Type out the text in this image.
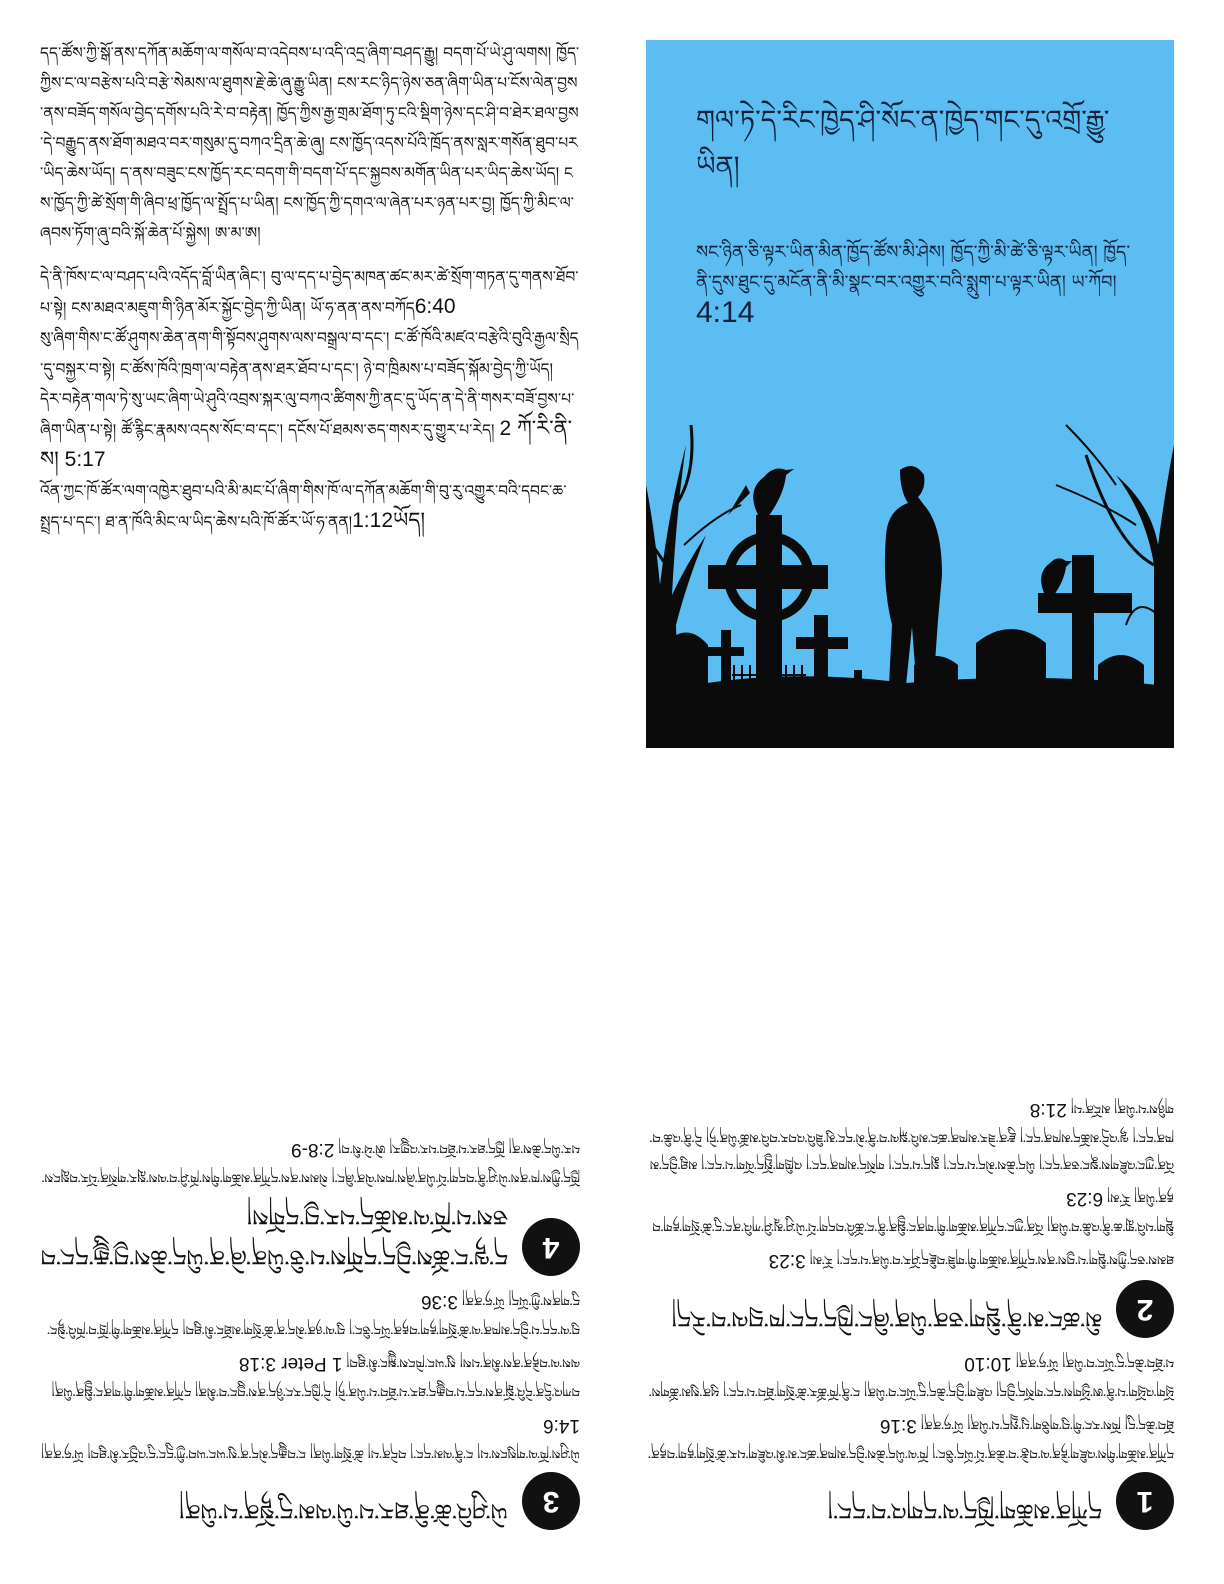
དད་ཚོས་ཀྱི་སྒོ་ནས་དཀོན་མཆོག་ལ་གསོལ་བ་འདེབས་པ་འདི་འདྲ་ཞིག་བཤད་རྒྱུ། བདག་པོ་ཡེ་ཤུ་ལགས། ཁྱོད་ཀྱིས་ང་ལ་བརྩེས་པའི་བརྩེ་སེམས་ལ་ཐུགས་རྗེ་ཆེ་ཞུ་རྒྱུ་ཡིན། ངས་རང་ཉིད་ཉེས་ཅན་ཞིག་ཡིན་པ་ངོས་ལེན་བྱས་ནས་བཟོད་གསོལ་བྱེད་དགོས་པའི་རེ་བ་བརྟེན། ཁྱོད་ཀྱིས་རྒྱ་གྲམ་ཐོག་ཏུ་ངའི་སྡིག་ཉེས་དང་ཤི་བ་ཐེར་ཐལ་བྱས་དེ་བརྒྱུད་ནས་ཐོག་མཐའ་བར་གསུམ་དུ་བཀའ་དྲིན་ཆེ་ཞུ། ངས་ཁྱོད་འདས་པོའི་ཁྲོད་ནས་སླར་གསོན་ཐུབ་པར་ཡིད་ཆེས་ཡོད། ད་ནས་བཟུང་ངས་ཁྱོད་རང་བདག་གི་བདག་པོ་དང་སྐྱབས་མགོན་ཡིན་པར་ཡིད་ཆེས་ཡོད། ངས་ཁྱོད་ཀྱི་ཚེ་སྲོག་གི་ཞིབ་ཕྲ་ཁྱོད་ལ་སྤྲོད་པ་ཡིན། ངས་ཁྱོད་ཀྱི་དགའ་ལ་ཞེན་པར་ཉན་པར་བྱ། ཁྱོད་ཀྱི་མིང་ལ་ཞབས་ཏོག་ཞུ་བའི་སྐོ་ཆེན་པོ་སྐྱེས། ཨ་མ་ཨ།

དེ་ནི་ཁོས་ང་ལ་བཤད་པའི་འདོད་བློ་ཡིན་ཞིང་། བུ་ལ་དད་པ་བྱེད་མཁན་ཚང་མར་ཚེ་སྲོག་གཏན་དུ་གནས་ཐོབ་པ་སྟེ། ངས་མཐའ་མཇུག་གི་ཉིན་མོར་སྐྱོང་བྱེད་ཀྱི་ཡིན། ཡོ་ཧ་ནན་ནས་བཀོད6:40

སུ་ཞིག་གིས་ང་ཚོ་ཤུགས་ཆེན་ནག་གི་སྟོབས་ཤུགས་ལས་བསྒྲལ་བ་དང་། ང་ཚོ་ཁོའི་མཛའ་བརྩེའི་བུའི་རྒྱལ་སྲིད་དུ་བསྐྱར་བ་སྟེ། ང་ཚོས་ཁོའི་ཁྲག་ལ་བརྟེན་ནས་ཐར་ཐོབ་པ་དང་། ཉེ་བ་ཁྲིམས་པ་བཟོད་སྐོམ་བྱེད་ཀྱི་ཡོད།

དེར་བརྟེན་གལ་ཏེ་སུ་ཡང་ཞིག་ཡེ་ཤུའི་འབྲས་སྐར་ལུ་བཀའ་ཚིགས་ཀྱི་ནང་དུ་ཡོད་ན་དེ་ནི་གསར་བཟོ་བྱས་པ་ཞིག་ཡིན་པ་སྟེ། ཚོ་རྙིང་རྣམས་འདས་སོང་བ་དང་། དངོས་པོ་ཐམས་ཅད་གསར་དུ་གྱུར་པ་རེད། 2 ཀོ་རི་ནི་ས། 5:17

འོན་ཀྱང་ཁོ་ཚོར་ལག་འཁྱེར་ཐུབ་པའི་མི་མང་པོ་ཞིག་གིས་ཁོ་ལ་དཀོན་མཆོག་གི་བུ་རུ་འགྱུར་བའི་དབང་ཆ་སྤྲད་པ་དང་། ཐ་ན་ཁོའི་མིང་ལ་ཡིད་ཆེས་པའི་ཁོ་ཚོར་ཡོ་ཧ་ནན།1:12ཡོད།

གལ་ཏེ་དེ་རིང་ཁྱེད་ཤི་སོང་ན་ཁྱེད་གང་དུ་འགྲོ་རྒྱུ་ཡིན།
སང་ཉིན་ཅི་ལྟར་ཡིན་མིན་ཁྱོད་ཚོས་མི་ཤེས། ཁྱོད་ཀྱི་མི་ཚེ་ཅི་ལྟར་ཡིན། ཁྱོད་ནི་དུས་ཐུང་དུ་མངོན་ནི་མི་སྣང་བར་འགྱུར་བའི་སྨུག་པ་ལྟར་ཡིན། ཡ་ཀོབ། 4:14
3
ཡེ་ཤུའི་ཚེ་ནི་ཐར་པ་ཡི་ལམ་དུ་སྟོན་པ་ཡིན།

ཡེ་ཤུས་ཁོ་ལ་གསུངས་པ། ང་ནི་ལམ་དང་། བདེན་པ། ཚེ་སྲོག་ཡིན། ང་བརྒྱུད་མེད་ན་སུ་ཡང་ཡབ་ཀྱི་དྲུང་དུ་འབྱོར་མི་ཐུབ། ཡོ་ཧ་ནན། 14:6

བཀའ་དྲིན་དེའི་སྒོ་ནས་དད་པ་བརྒྱུད་ཐར་པ་ཐོབ་པ་ཡིན་ཏེ། དེ་ཁྱེད་རང་ཉིད་ནས་བྱུང་བ་མིན། དཀོན་མཆོག་གི་གནང་སྦྱིན་ཡིན། ལས་ལ་བརྟེན་ནས་མིན་པས། སུ་ཡང་ཁེངས་སྐྱུང་མི་ཐུབ། 1 Peter 3:18

བུ་ལ་དད་པ་བྱེད་མཁན་ལ་ཚེ་སྲོག་རྟག་བརྟན་ཡོད་ཅིང་། བུ་ལ་ཉན་མེད་ན་ཚེ་སྲོག་མཐོང་མི་ཐུབ། དཀོན་མཆོག་གི་ཁྲོ་བ་ཁོའི་སྟེང་དུ་གནས་ཀྱི་ཡོད། ཡོ་ཧ་ནན། 3:36

4
ད་ལྟ་ང་ཚོས་བྱེད་དགོས་པ་ཅི་ཡིན་ཞེ་ན་ཡིད་ཆེས་བྱ་རྒྱུ་དང་བཅས་པ་ཁོ་ལ་མཆོད་པར་བྱ་དགོས།

ཁྱོད་ཀྱིས་ཁ་ནས་ཡེ་ཤུ་ནི་བདག་པོ་ཡིན་ཞེས་ཁས་ལེན་ཞིང་། སེམས་ནས་དཀོན་མཆོག་གིས་ཁོ་ཤི་བ་ལས་སླར་གསོན་པོར་བསླངས་པར་ཡིད་ཆེས་ན། ཁྱོད་ཐར་པ་ཐོབ་པར་འགྱུར། ཨེ་ཕེ་སི་བ། 2:8-9

1
དཀོན་མཆོག་ཁྱོད་ལ་དགའ་བ་དང་།

དཀོན་མཆོག་གིས་འཇིག་རྟེན་ལ་བརྩེ་བ་ཆེན་པོ་ཡོད་ཅིང་། ཁོ་ལ་ཡིད་ཆེས་བྱེད་མཁན་ཚང་མ་མི་འཇིག་པར་ཚེ་སྲོག་རྟག་བརྟན་ཐོབ་ཆེད་དུ། ཁོས་རང་གི་བུ་གཅིག་པུ་སྤྲད་པ་ཡིན། ཡོ་ཧ་ནན། 3:16

ཕྲོག་འཕྲོག་པ་ནི་ཨ་ཕྱོགས་དང་གསོད་བྱེད། འཇིག་བྱེད་ཆེད་དུ་ཡོང་བ་ཡིན། ང་ནི་ཁོ་ཚོར་ཚེ་སྲོག་ཐོབ་པ་དང་། ཕུན་སུམ་ཚོགས་པ་ཐོབ་ཆེད་དུ་ཡོང་བ་ཡིན། ཡོ་ཧ་ནན། 10:10

2
མི་ཚང་མ་ནི་སྡིག་ཅན་ཡིན་ཞིང་ཁྱེད་དང་ཁ་བྲལ་བ་རེད།

ཐམས་ཅད་ཀྱིས་སྡིག་པ་བྱས་ནས་དཀོན་མཆོག་གི་གཟི་བརྗིད་ཤོར་བ་ཡིན་པ་དང་། རོ་མ། 3:23

སྡིག་པའི་གླ་ཆ་ནི་འཆི་བ་ཡིན། འོན་ཀྱང་དཀོན་མཆོག་གི་གནང་སྦྱིན་ནི་ང་ཚོའི་བདག་པོ་ཡེ་ཤུ་མཱ་ཤི་ཀའི་ནང་དུ་ཚེ་སྲོག་རྟག་བརྟན་ཡིན། རོ་མ། 6:23

འོན་ཀྱང་འཇིགས་སྣང་ཅན་དང་། ཡིད་ཆེས་མེད་པ་དང་། སྨད་པ་དང་། གསོད་མཁན་དང་། འཁྲིག་སྤྱོད་ལོག་པ་དང་། མཐུ་བྱེད་མཁན་དང་། ལྷ་འདྲེ་མཆོད་མཁན་དང་། རྫུན་ཟེར་མཁན་ཚང་མའི་སྐལ་བ་ནི་མེ་དང་མུ་ཟིའི་འབར་བའི་མཚོ་ཡིན་ཏེ། དེ་ནི་འཆི་བ་གཉིས་པ་ཡིན། མངོན་པ། 21:8
